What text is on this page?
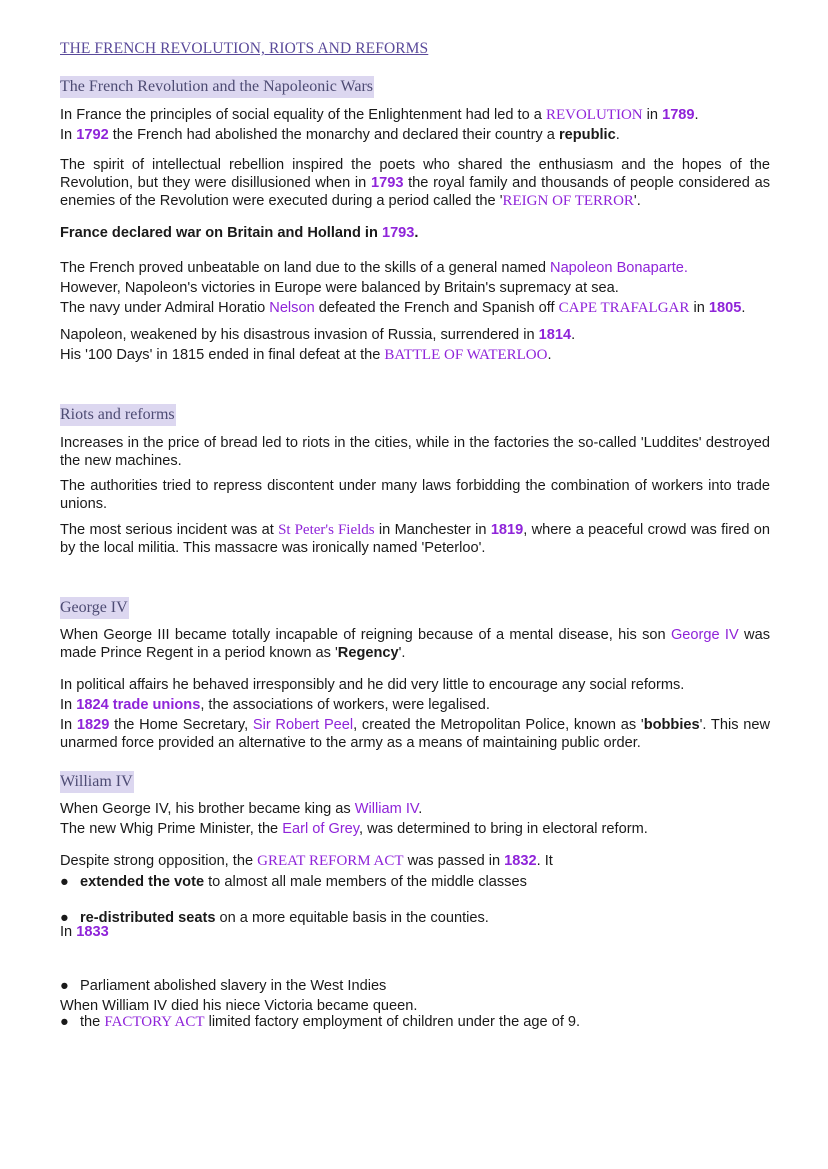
THE FRENCH REVOLUTION, RIOTS AND REFORMS
The French Revolution and the Napoleonic Wars
In France the principles of social equality of the Enlightenment had led to a REVOLUTION in 1789.
In 1792 the French had abolished the monarchy and declared their country a republic.
The spirit of intellectual rebellion inspired the poets who shared the enthusiasm and the hopes of the Revolution, but they were disillusioned when in 1793 the royal family and thousands of people considered as enemies of the Revolution were executed during a period called the 'REIGN OF TERROR'.
France declared war on Britain and Holland in 1793.
The French proved unbeatable on land due to the skills of a general named Napoleon Bonaparte.
However, Napoleon's victories in Europe were balanced by Britain's supremacy at sea.
The navy under Admiral Horatio Nelson defeated the French and Spanish off CAPE TRAFALGAR in 1805.
Napoleon, weakened by his disastrous invasion of Russia, surrendered in 1814.
His '100 Days' in 1815 ended in final defeat at the BATTLE OF WATERLOO.
Riots and reforms
Increases in the price of bread led to riots in the cities, while in the factories the so-called 'Luddites' destroyed the new machines.
The authorities tried to repress discontent under many laws forbidding the combination of workers into trade unions.
The most serious incident was at St Peter's Fields in Manchester in 1819, where a peaceful crowd was fired on by the local militia. This massacre was ironically named 'Peterloo'.
George IV
When George III became totally incapable of reigning because of a mental disease, his son George IV was made Prince Regent in a period known as 'Regency'.
In political affairs he behaved irresponsibly and he did very little to encourage any social reforms.
In 1824 trade unions, the associations of workers, were legalised.
In 1829 the Home Secretary, Sir Robert Peel, created the Metropolitan Police, known as 'bobbies'. This new unarmed force provided an alternative to the army as a means of maintaining public order.
William IV
When George IV, his brother became king as William IV.
The new Whig Prime Minister, the Earl of Grey, was determined to bring in electoral reform.
Despite strong opposition, the GREAT REFORM ACT was passed in 1832. It
● extended the vote to almost all male members of the middle classes
● re-distributed seats on a more equitable basis in the counties.
In 1833
● Parliament abolished slavery in the West Indies
● the FACTORY ACT limited factory employment of children under the age of 9.
When William IV died his niece Victoria became queen.
